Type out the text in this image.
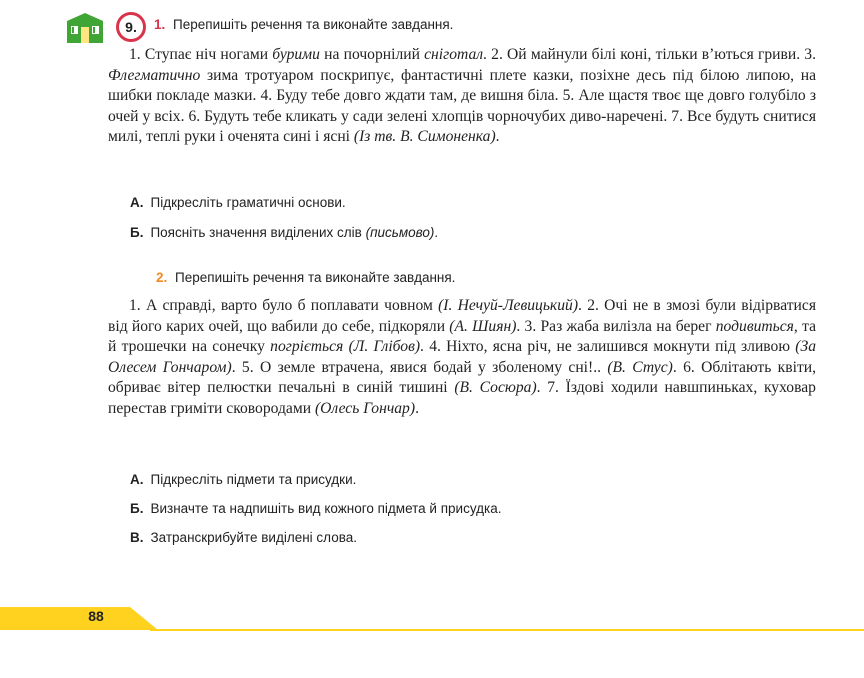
9. 1. Перепишіть речення та виконайте завдання.
1. Ступає ніч ногами бурими на почорнілий сніготал. 2. Ой майнули білі коні, тільки в’ються гриви. 3. Флегматично зима тротуаром поскрипує, фантастичні плете казки, позіхне десь під білою липою, на шибки покладе мазки. 4. Буду тебе довго ждати там, де вишня біла. 5. Але щастя твоє ще довго голубіло з очей у всіх. 6. Будуть тебе кликать у сади зелені хлопців чорночубих диво-наречені. 7. Все будуть снитися милі, теплі руки і оченята сині і ясні (Із тв. В. Симоненка).
А. Підкресліть граматичні основи.
Б. Поясніть значення виділених слів (письмово).
2. Перепишіть речення та виконайте завдання.
1. А справді, варто було б поплавати човном (І. Нечуй-Левицький). 2. Очі не в змозі були відірватися від його карих очей, що вабили до себе, підкоряли (А. Шиян). 3. Раз жаба вилізла на берег подивиться, та й трошечки на сонечку погріється (Л. Глібов). 4. Ніхто, ясна річ, не залишився мокнути під зливою (За Олесем Гончаром). 5. О земле втрачена, явися бодай у зболеному сні!.. (В. Стус). 6. Облітають квіти, обриває вітер пелюстки печальні в синій тишині (В. Сосюра). 7. Їздові ходили навшпиньках, куховар перестав гриміти сковородами (Олесь Гончар).
А. Підкресліть підмети та присудки.
Б. Визначте та надпишіть вид кожного підмета й присудка.
В. Затранскрибуйте виділені слова.
88
